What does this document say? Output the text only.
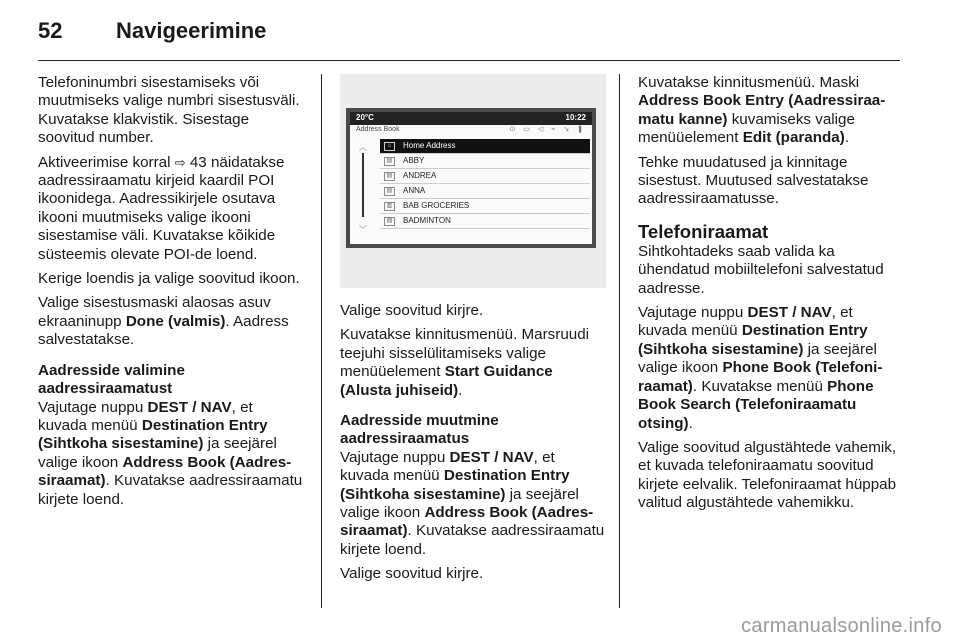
52	Navigeerimine

Telefoninumbri sisestamiseks või muutmiseks valige numbri sisestusväli. Kuvatakse klakvistik. Sisestage soovitud number.

Aktiveerimise korral ⇨ 43 näidatakse aadressiraamatu kirjeid kaardil POI ikoonidega. Aadressikirjele osutava ikooni muutmiseks valige ikooni sisestamise väli. Kuvatakse kõikide süsteemis olevate POI-de loend.

Kerige loendis ja valige soovitud ikoon.

Valige sisestusmaski alaosas asuv ekraaninupp Done (valmis). Aadress salvestatakse.

Aadresside valimine aadressiraamatust

Vajutage nuppu DEST / NAV, et kuvada menüü Destination Entry (Sihtkoha sisestamine) ja seejärel valige ikoon Address Book (Aadres-siraamat). Kuvatakse aadressiraamatu kirjete loend.

20°C	10:22
Address Book	⊙ ▭ ◁ ⌁ ↘ ❚
︿
﹀
⌂	Home Address
▤	ABBY
▤	ANDREA
▤	ANNA
▥	BAB GROCERIES
▤	BADMINTON

Valige soovitud kirjre.

Kuvatakse kinnitusmenüü. Marsruudi teejuhi sisselülitamiseks valige menüüelement Start Guidance (Alusta juhiseid).

Aadresside muutmine aadressiraamatus

Vajutage nuppu DEST / NAV, et kuvada menüü Destination Entry (Sihtkoha sisestamine) ja seejärel valige ikoon Address Book (Aadres-siraamat). Kuvatakse aadressiraamatu kirjete loend.

Valige soovitud kirjre.

Kuvatakse kinnitusmenüü. Maski Address Book Entry (Aadressiraa-matu kanne) kuvamiseks valige menüüelement Edit (paranda).

Tehke muudatused ja kinnitage sisestust. Muutused salvestatakse aadressiraamatusse.

Telefoniraamat

Sihtkohtadeks saab valida ka ühendatud mobiiltelefoni salvestatud aadresse.

Vajutage nuppu DEST / NAV, et kuvada menüü Destination Entry (Sihtkoha sisestamine) ja seejärel valige ikoon Phone Book (Telefoni-raamat). Kuvatakse menüü Phone Book Search (Telefoniraamatu otsing).

Valige soovitud algustähtede vahemik, et kuvada telefoniraamatu soovitud kirjete eelvalik. Telefoniraamat hüppab valitud algustähtede vahemikku.

carmanualsonline.info
